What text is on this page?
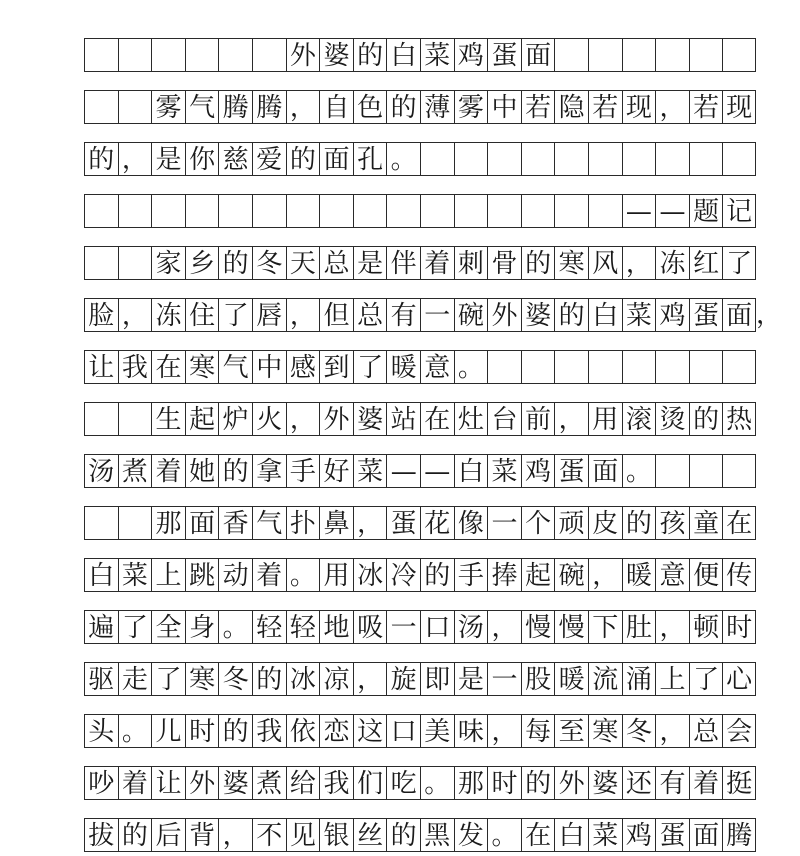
外 婆 的 白 菜 鸡 蛋 面
雾 气 腾 腾 ， 自 色 的 薄 雾 中 若 隐 若 现 ， 若 现
的 ， 是 你 慈 爱 的 面 孔 。
— — 题 记
家 乡 的 冬 天 总 是 伴 着 刺 骨 的 寒 风 ， 冻 红 了
脸 ， 冻 住 了 唇 ， 但 总 有 一 碗 外 婆 的 白 菜 鸡 蛋 面 ，
让 我 在 寒 气 中 感 到 了 暖 意 。
生 起 炉 火 ， 外 婆 站 在 灶 台 前 ， 用 滚 烫 的 热
汤 煮 着 她 的 拿 手 好 菜 — — 白 菜 鸡 蛋 面 。
那 面 香 气 扑 鼻 ， 蛋 花 像 一 个 顽 皮 的 孩 童 在
白 菜 上 跳 动 着 。 用 冰 冷 的 手 捧 起 碗 ， 暖 意 便 传
遍 了 全 身 。 轻 轻 地 吸 一 口 汤 ， 慢 慢 下 肚 ， 顿 时
驱 走 了 寒 冬 的 冰 凉 ， 旋 即 是 一 股 暖 流 涌 上 了 心
头 。 儿 时 的 我 依 恋 这 口 美 味 ， 每 至 寒 冬 ， 总 会
吵 着 让 外 婆 煮 给 我 们 吃 。 那 时 的 外 婆 还 有 着 挺
拔 的 后 背 ， 不 见 银 丝 的 黑 发 。 在 白 菜 鸡 蛋 面 腾
